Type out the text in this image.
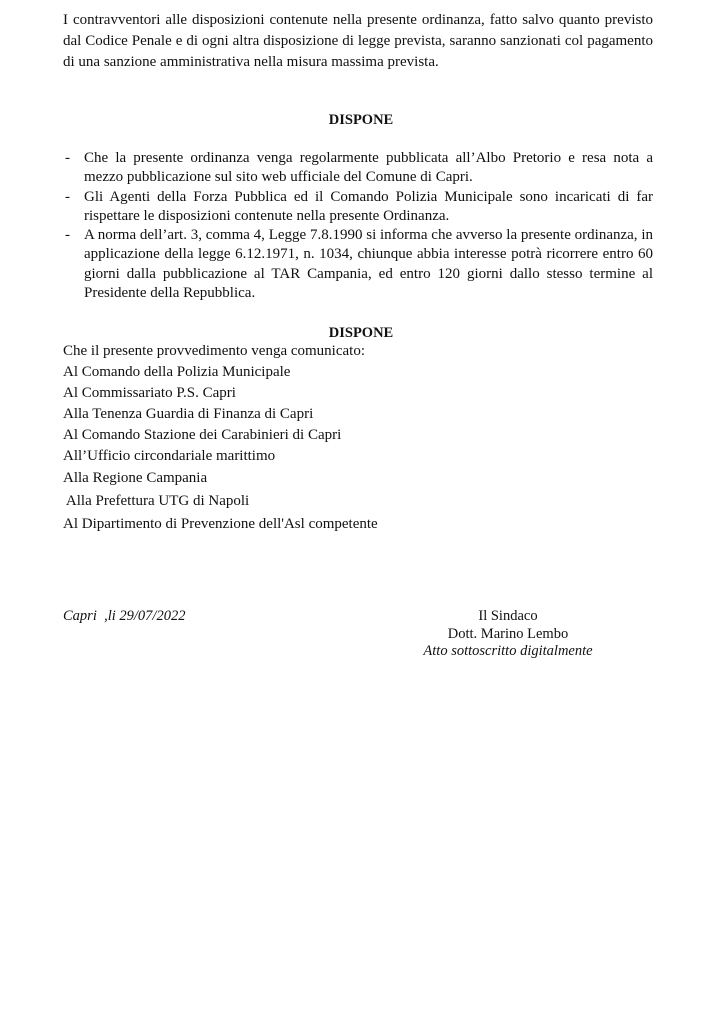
I contravventori alle disposizioni contenute nella presente ordinanza, fatto salvo quanto previsto dal Codice Penale e di ogni altra disposizione di legge prevista, saranno sanzionati col pagamento di una sanzione amministrativa nella misura massima prevista.

DISPONE
- Che la presente ordinanza venga regolarmente pubblicata all’Albo Pretorio e resa nota a mezzo pubblicazione sul sito web ufficiale del Comune di Capri.
- Gli Agenti della Forza Pubblica ed il Comando Polizia Municipale sono incaricati di far rispettare le disposizioni contenute nella presente Ordinanza.
- A norma dell’art. 3, comma 4, Legge 7.8.1990 si informa che avverso la presente ordinanza, in applicazione della legge 6.12.1971, n. 1034, chiunque abbia interesse potrà ricorrere entro 60 giorni dalla pubblicazione al TAR Campania, ed entro 120 giorni dallo stesso termine al Presidente della Repubblica.
DISPONE
Che il presente provvedimento venga comunicato:
Al Comando della Polizia Municipale
Al Commissariato P.S. Capri
Alla Tenenza Guardia di Finanza di Capri
Al Comando Stazione dei Carabinieri di Capri
All’Ufficio circondariale marittimo
Alla Regione Campania
Alla Prefettura UTG di Napoli
Al Dipartimento di Prevenzione dell'Asl competente
Capri  ,li 29/07/2022	Il Sindaco
Dott. Marino Lembo
Atto sottoscritto digitalmente
